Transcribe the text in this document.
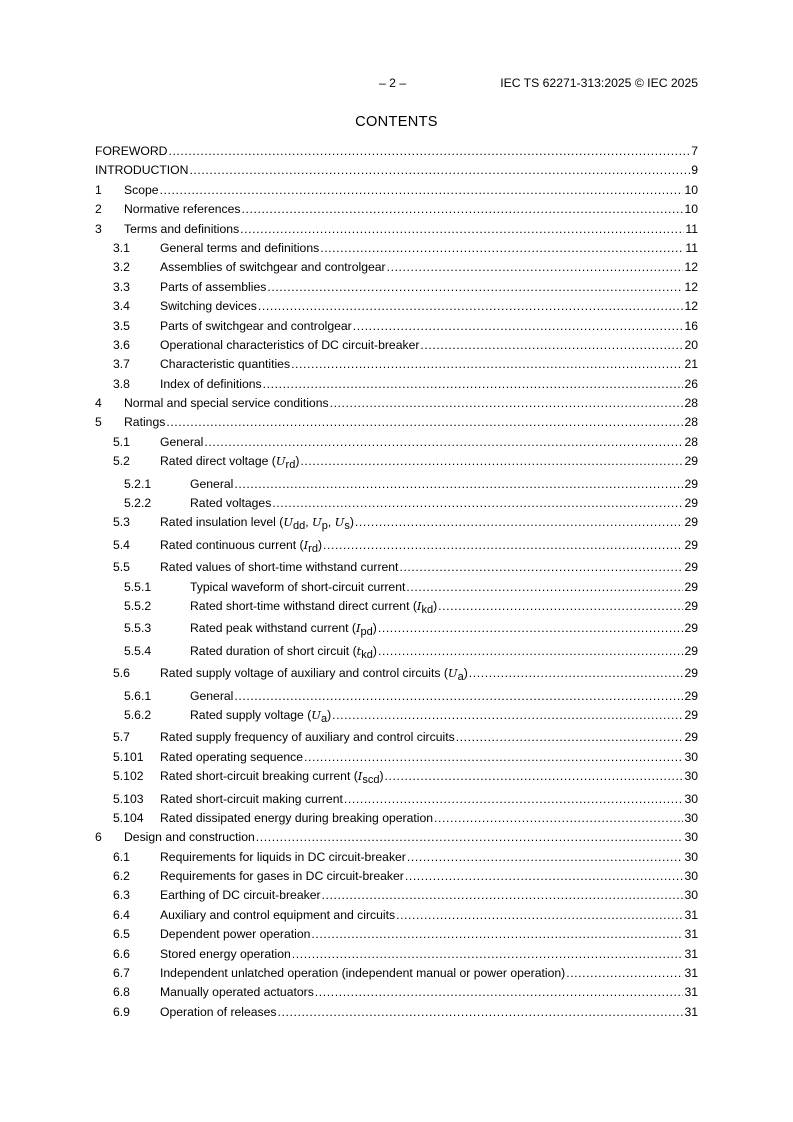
– 2 –	IEC TS 62271-313:2025 © IEC 2025
CONTENTS
FOREWORD .....	7
INTRODUCTION .....	9
1	Scope .....	10
2	Normative references .....	10
3	Terms and definitions .....	11
3.1	General terms and definitions .....	11
3.2	Assemblies of switchgear and controlgear .....	12
3.3	Parts of assemblies .....	12
3.4	Switching devices .....	12
3.5	Parts of switchgear and controlgear .....	16
3.6	Operational characteristics of DC circuit-breaker .....	20
3.7	Characteristic quantities .....	21
3.8	Index of definitions .....	26
4	Normal and special service conditions .....	28
5	Ratings .....	28
5.1	General .....	28
5.2	Rated direct voltage (Urd) .....	29
5.2.1	General .....	29
5.2.2	Rated voltages .....	29
5.3	Rated insulation level (Udd, Up, Us) .....	29
5.4	Rated continuous current (Ird) .....	29
5.5	Rated values of short-time withstand current .....	29
5.5.1	Typical waveform of short-circuit current .....	29
5.5.2	Rated short-time withstand direct current (Ikd) .....	29
5.5.3	Rated peak withstand current (Ipd) .....	29
5.5.4	Rated duration of short circuit (tkd) .....	29
5.6	Rated supply voltage of auxiliary and control circuits (Ua) .....	29
5.6.1	General .....	29
5.6.2	Rated supply voltage (Ua) .....	29
5.7	Rated supply frequency of auxiliary and control circuits .....	29
5.101	Rated operating sequence .....	30
5.102	Rated short-circuit breaking current (Iscd) .....	30
5.103	Rated short-circuit making current .....	30
5.104	Rated dissipated energy during breaking operation .....	30
6	Design and construction .....	30
6.1	Requirements for liquids in DC circuit-breaker .....	30
6.2	Requirements for gases in DC circuit-breaker .....	30
6.3	Earthing of DC circuit-breaker .....	30
6.4	Auxiliary and control equipment and circuits .....	31
6.5	Dependent power operation .....	31
6.6	Stored energy operation .....	31
6.7	Independent unlatched operation (independent manual or power operation) .....	31
6.8	Manually operated actuators .....	31
6.9	Operation of releases .....	31
